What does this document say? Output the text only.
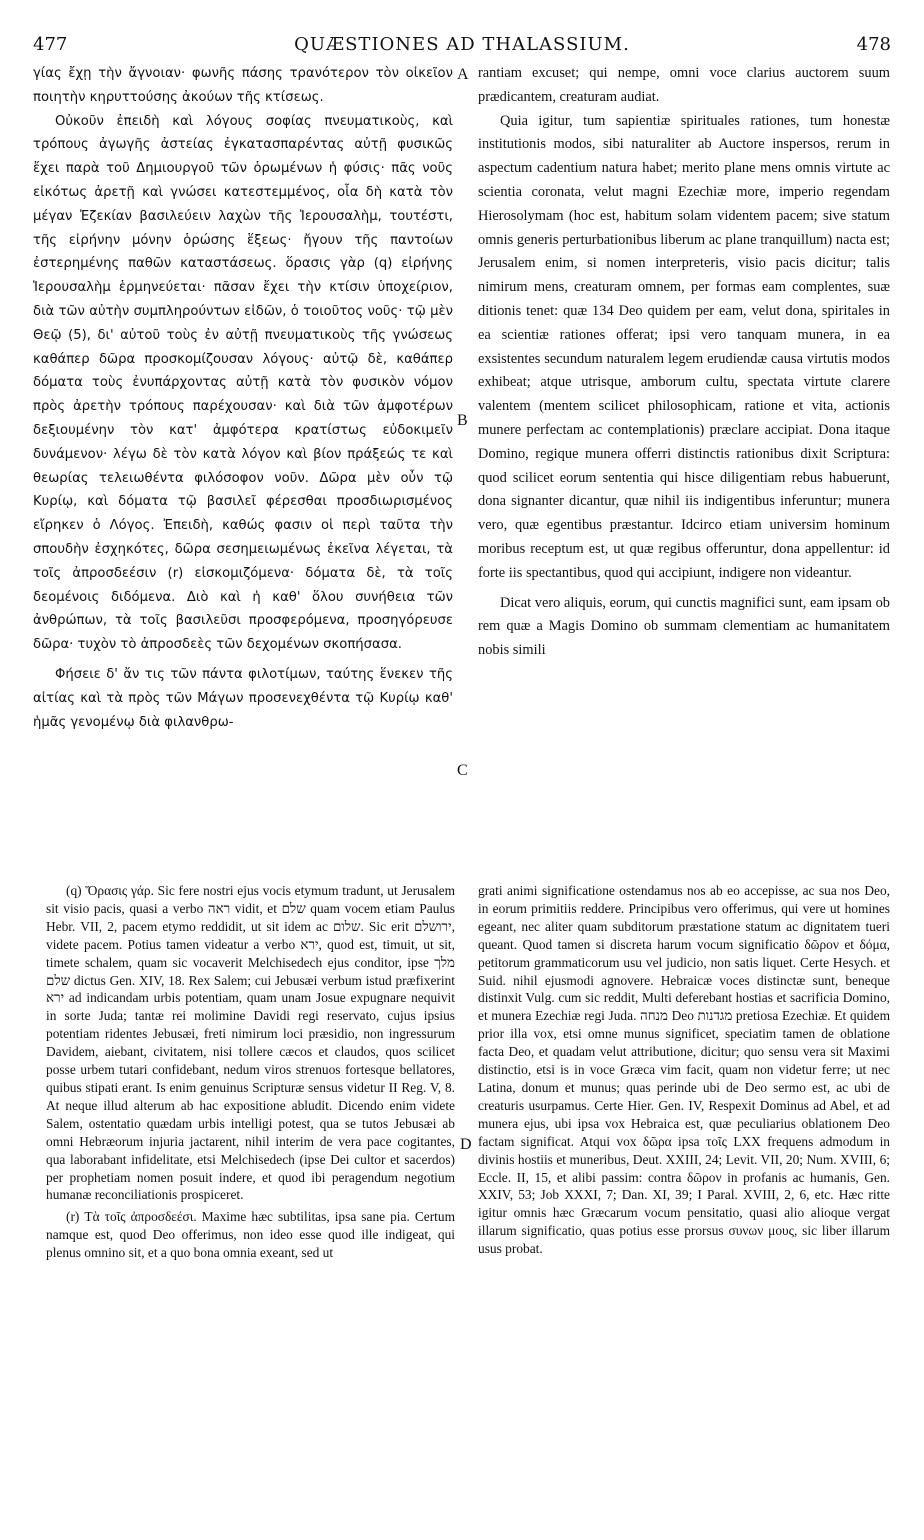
477	QUÆSTIONES AD THALASSIUM.	478

γίας ἔχῃ τὴν ἄγνοιαν· φωνῆς πάσης τρανότερον τὸν οἰκεῖον ποιητὴν κηρυττούσης ἀκούων τῆς κτίσεως.

Οὐκοῦν ἐπειδὴ καὶ λόγους σοφίας πνευματικοὺς, καὶ τρόπους ἀγωγῆς ἀστείας ἐγκατασπαρέντας αὐτῇ φυσικῶς ἔχει παρὰ τοῦ Δημιουργοῦ τῶν ὁρωμένων ἡ φύσις· πᾶς νοῦς εἰκότως ἀρετῇ καὶ γνώσει κατεστεμμένος, οἷα δὴ κατὰ τὸν μέγαν Ἐζεκίαν βασιλεύειν λαχὼν τῆς Ἱερουσαλὴμ, τουτέστι, τῆς εἰρήνην μόνην ὁρώσης ἕξεως· ἤγουν τῆς παντοίων ἐστερημένης παθῶν καταστάσεως. ὅρασις γὰρ (q) εἰρήνης Ἱερουσαλὴμ ἑρμηνεύεται· πᾶσαν ἔχει τὴν κτίσιν ὑποχείριον, διὰ τῶν αὐτὴν συμπληρούντων εἰδῶν, ὁ τοιοῦτος νοῦς· τῷ μὲν Θεῷ (5), δι' αὐτοῦ τοὺς ἐν αὐτῇ πνευματικοὺς τῆς γνώσεως καθάπερ δῶρα προσκομίζουσαν λόγους· αὐτῷ δὲ, καθάπερ δόματα τοὺς ἐνυπάρχοντας αὐτῇ κατὰ τὸν φυσικὸν νόμον πρὸς ἀρετὴν τρόπους παρέχουσαν· καὶ διὰ τῶν ἀμφοτέρων δεξιουμένην τὸν κατ' ἀμφότερα κρατίστως εὐδοκιμεῖν δυνάμενον· λέγω δὲ τὸν κατὰ λόγον καὶ βίον πράξεώς τε καὶ θεωρίας τελειωθέντα φιλόσοφον νοῦν. Δῶρα μὲν οὖν τῷ Κυρίῳ, καὶ δόματα τῷ βασιλεῖ φέρεσθαι προσδιωρισμένος εἴρηκεν ὁ Λόγος. Ἐπειδὴ, καθώς φασιν οἱ περὶ ταῦτα τὴν σπουδὴν ἐσχηκότες, δῶρα σεσημειωμένως ἐκεῖνα λέγεται, τὰ τοῖς ἀπροσδεέσιν (r) εἰσκομιζόμενα· δόματα δὲ, τὰ τοῖς δεομένοις διδόμενα. Διὸ καὶ ἡ καθ' ὅλου συνήθεια τῶν ἀνθρώπων, τὰ τοῖς βασιλεῦσι προσφερόμενα, προσηγόρευσε δῶρα· τυχὸν τὸ ἀπροσδεὲς τῶν δεχομένων σκοπήσασα.

Φήσειε δ' ἄν τις τῶν πάντα φιλοτίμων, ταύτης ἕνεκεν τῆς αἰτίας καὶ τὰ πρὸς τῶν Μάγων προσενεχθέντα τῷ Κυρίῳ καθ' ἡμᾶς γενομένῳ διὰ φιλανθρω-

rantiam excuset; qui nempe, omni voce clarius auctorem suum prædicantem, creaturam audiat.

Quia igitur, tum sapientiæ spirituales rationes, tum honestæ institutionis modos, sibi naturaliter ab Auctore inspersos, rerum in aspectum cadentium natura habet; merito plane mens omnis virtute ac scientia coronata, velut magni Ezechiæ more, imperio regendam Hierosolymam (hoc est, habitum solam videntem pacem; sive statum omnis generis perturbationibus liberum ac plane tranquillum) nacta est; Jerusalem enim, si nomen interpreteris, visio pacis dicitur; talis nimirum mens, creaturam omnem, per formas eam complentes, suæ ditionis tenet: quæ 134 Deo quidem per eam, velut dona, spiritales in ea scientiæ rationes offerat; ipsi vero tanquam munera, in ea exsistentes secundum naturalem legem erudiendæ causa virtutis modos exhibeat; atque utrisque, amborum cultu, spectata virtute clarere valentem (mentem scilicet philosophicam, ratione et vita, actionis munere perfectam ac contemplationis) præclare accipiat. Dona itaque Domino, regique munera offerri distinctis rationibus dixit Scriptura: quod scilicet eorum sententia qui hisce diligentiam rebus habuerunt, dona signanter dicantur, quæ nihil iis indigentibus inferuntur; munera vero, quæ egentibus præstantur. Idcirco etiam universim hominum moribus receptum est, ut quæ regibus offeruntur, dona appellentur: id forte iis spectantibus, quod qui accipiunt, indigere non videantur.

Dicat vero aliquis, eorum, qui cunctis magnifici sunt, eam ipsam ob rem quæ a Magis Domino ob summam clementiam ac humanitatem nobis simili

A
B
C
D

(q) Ὅρασις γάρ. Sic fere nostri ejus vocis etymum tradunt, ut Jerusalem sit visio pacis, quasi a verbo ראה vidit, et שלם quam vocem etiam Paulus Hebr. VII, 2, pacem etymo reddidit, ut sit idem ac שלום. Sic erit ירושלם, videte pacem. Potius tamen videatur a verbo ירא, quod est, timuit, ut sit, timete schalem, quam sic vocaverit Melchisedech ejus conditor, ipse מלך שלם dictus Gen. XIV, 18. Rex Salem; cui Jebusæi verbum istud præfixerint ירא ad indicandam urbis potentiam, quam unam Josue expugnare nequivit in sorte Juda; tantæ rei molimine Davidi regi reservato, cujus ipsius potentiam ridentes Jebusæi, freti nimirum loci præsidio, non ingressurum Davidem, aiebant, civitatem, nisi tollere cæcos et claudos, quos scilicet posse urbem tutari confidebant, nedum viros strenuos fortesque bellatores, quibus stipati erant. Is enim genuinus Scripturæ sensus videtur II Reg. V, 8. At neque illud alterum ab hac expositione abludit. Dicendo enim videte Salem, ostentatio quædam urbis intelligi potest, qua se tutos Jebusæi ab omni Hebræorum injuria jactarent, nihil interim de vera pace cogitantes, qua laborabant infidelitate, etsi Melchisedech (ipse Dei cultor et sacerdos) per prophetiam nomen posuit indere, et quod ibi peragendum negotium humanæ reconciliationis prospiceret.

(r) Τὰ τοῖς ἀπροσδεέσι. Maxime hæc subtilitas, ipsa sane pia. Certum namque est, quod Deo offerimus, non ideo esse quod ille indigeat, qui plenus omnino sit, et a quo bona omnia exeant, sed ut

grati animi significatione ostendamus nos ab eo accepisse, ac sua nos Deo, in eorum primitiis reddere. Principibus vero offerimus, qui vere ut homines egeant, nec aliter quam subditorum præstatione statum ac dignitatem tueri queant. Quod tamen si discreta harum vocum significatio δῶρον et δόμα, petitorum grammaticorum usu vel judicio, non satis liquet. Certe Hesych. et Suid. nihil ejusmodi agnovere. Hebraicæ voces distinctæ sunt, beneque distinxit Vulg. cum sic reddit, Multi deferebant hostias et sacrificia Domino, et munera Ezechiæ regi Juda. מנחה Deo מגדנות pretiosa Ezechiæ. Et quidem prior illa vox, etsi omne munus significet, speciatim tamen de oblatione facta Deo, et quadam velut attributione, dicitur; quo sensu vera sit Maximi distinctio, etsi is in voce Græca vim facit, quam non videtur ferre; ut nec Latina, donum et munus; quas perinde ubi de Deo sermo est, ac ubi de creaturis usurpamus. Certe Hier. Gen. IV, Respexit Dominus ad Abel, et ad munera ejus, ubi ipsa vox Hebraica est, quæ peculiarius oblationem Deo factam significat. Atqui vox δῶρα ipsa τοῖς LXX frequens admodum in divinis hostiis et muneribus, Deut. XXIII, 24; Levit. VII, 20; Num. XVIII, 6; Eccle. II, 15, et alibi passim: contra δῶρον in profanis ac humanis, Gen. XXIV, 53; Job XXXI, 7; Dan. XI, 39; I Paral. XVIII, 2, 6, etc. Hæc ritte igitur omnis hæc Græcarum vocum pensitatio, quasi alio alioque vergat illarum significatio, quas potius esse prorsus συνων μους, sic liber illarum usus probat.
